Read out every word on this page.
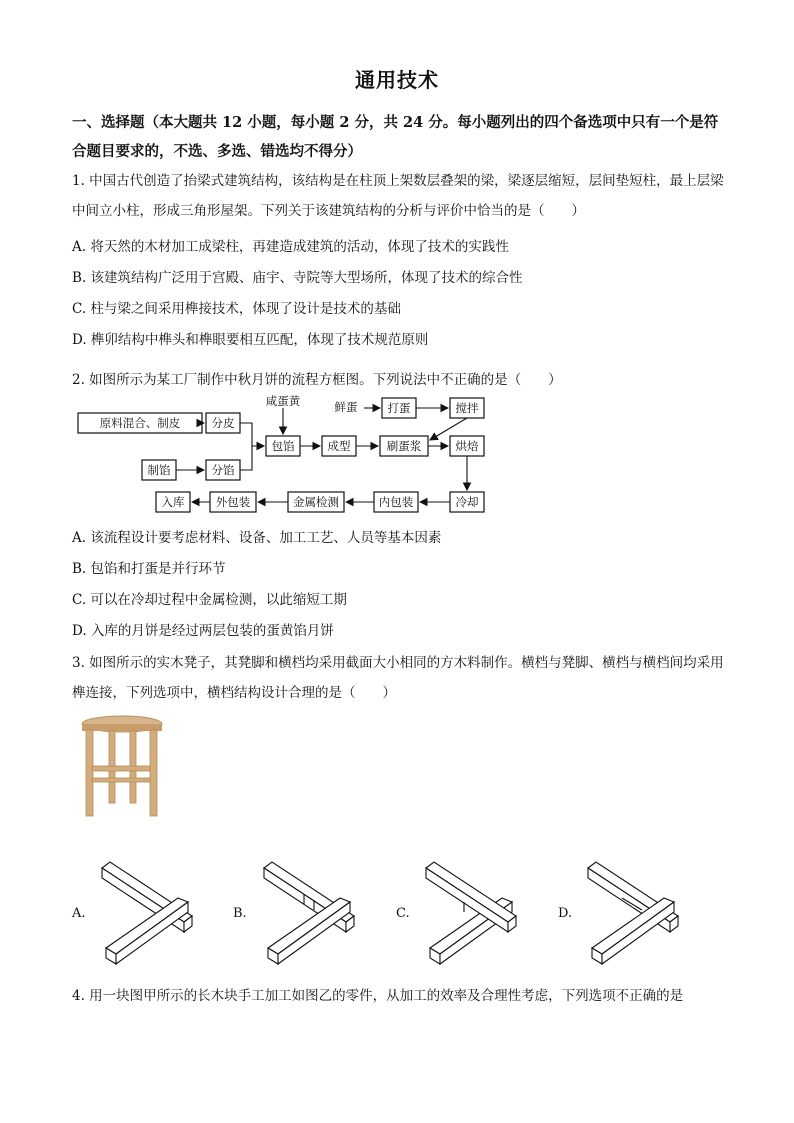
通用技术
一、选择题（本大题共 12 小题，每小题 2 分，共 24 分。每小题列出的四个备选项中只有一个是符合题目要求的，不选、多选、错选均不得分）
1. 中国古代创造了抬梁式建筑结构，该结构是在柱顶上架数层叠架的梁，梁逐层缩短，层间垫短柱，最上层梁中间立小柱，形成三角形屋架。下列关于该建筑结构的分析与评价中恰当的是（　　）
A. 将天然的木材加工成梁柱，再建造成建筑的活动，体现了技术的实践性
B. 该建筑结构广泛用于宫殿、庙宇、寺院等大型场所，体现了技术的综合性
C. 柱与梁之间采用榫接技术，体现了设计是技术的基础
D. 榫卯结构中榫头和榫眼要相互匹配，体现了技术规范原则
2. 如图所示为某工厂制作中秋月饼的流程方框图。下列说法中不正确的是（　　）
原料混合、制皮	分皮
制馅	分馅
包馅	成型	刷蛋浆	烘焙
打蛋	搅拌
冷却
内包装
金属检测
外包装
入库
咸蛋黄	鲜蛋
A. 该流程设计要考虑材料、设备、加工工艺、人员等基本因素
B. 包馅和打蛋是并行环节
C. 可以在冷却过程中金属检测，以此缩短工期
D. 入库的月饼是经过两层包装的蛋黄馅月饼
3. 如图所示的实木凳子，其凳脚和横档均采用截面大小相同的方木料制作。横档与凳脚、横档与横档间均采用榫连接，下列选项中，横档结构设计合理的是（　　）
A.	B.	C.	D.
4. 用一块图甲所示的长木块手工加工如图乙的零件，从加工的效率及合理性考虑，下列选项不正确的是
